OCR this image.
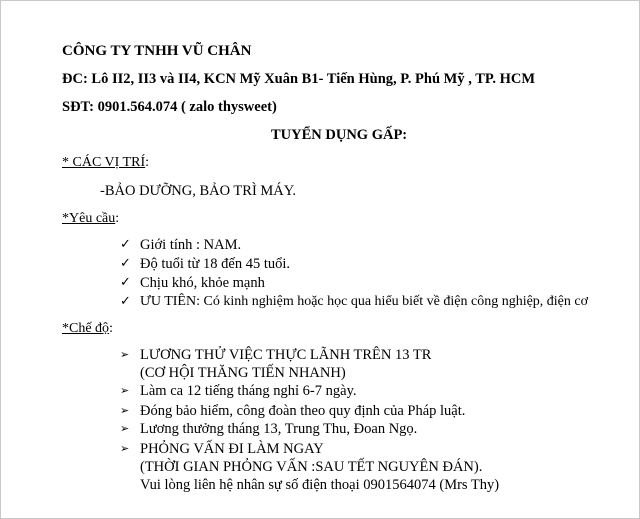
CÔNG TY TNHH VŨ CHÂN
ĐC: Lô II2, II3 và II4, KCN Mỹ Xuân B1- Tiến Hùng, P. Phú Mỹ , TP. HCM
SĐT: 0901.564.074 ( zalo thysweet)
TUYỂN DỤNG GẤP:
* CÁC VỊ TRÍ:
-BẢO DƯỠNG, BẢO TRÌ MÁY.
*Yêu cầu:
✓ Giới tính : NAM.
✓ Độ tuổi từ 18 đến 45 tuổi.
✓ Chịu khó, khỏe mạnh
✓ ƯU TIÊN: Có kinh nghiệm hoặc học qua hiểu biết về điện công nghiệp, điện cơ
*Chế độ:
➢ LƯƠNG THỬ VIỆC THỰC LÃNH TRÊN 13 TR
(CƠ HỘI THĂNG TIẾN NHANH)
➢ Làm ca 12 tiếng tháng nghỉ 6-7 ngày.
➢ Đóng bảo hiểm, công đoàn theo quy định của Pháp luật.
➢ Lương thưởng tháng 13, Trung Thu, Đoan Ngọ.
➢ PHỎNG VẤN ĐI LÀM NGAY
(THỜI GIAN PHỎNG VẤN :SAU TẾT NGUYÊN ĐÁN).
Vui lòng liên hệ nhân sự số điện thoại 0901564074 (Mrs Thy)
